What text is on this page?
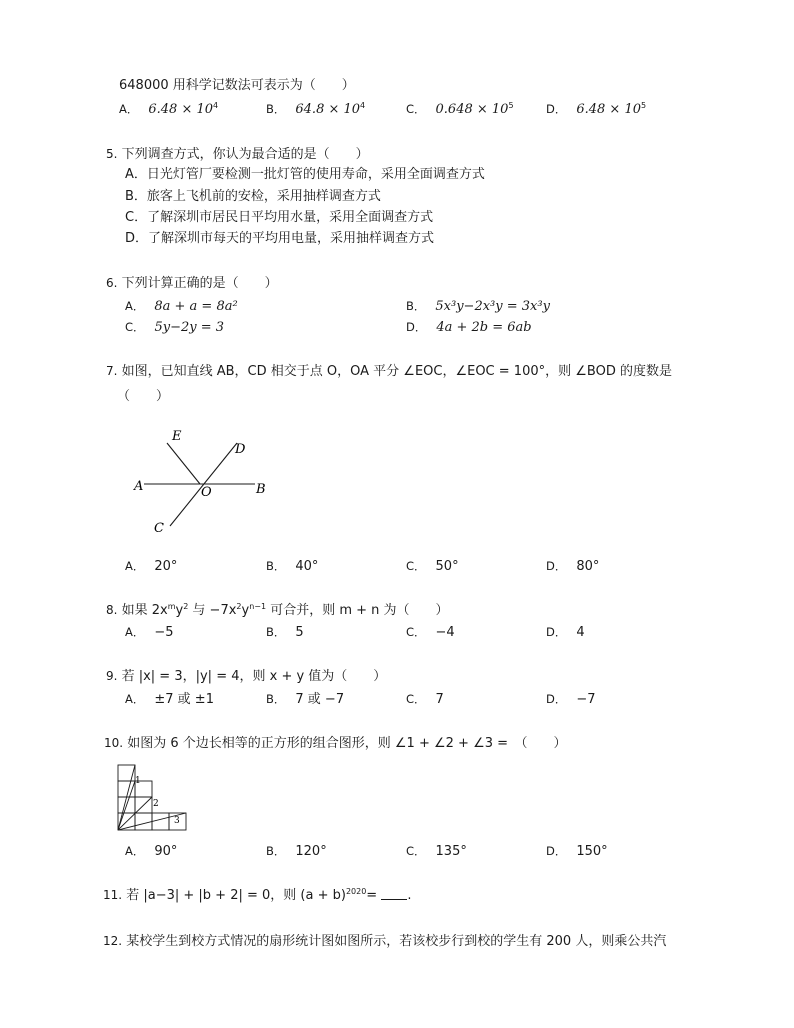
648000 用科学记数法可表示为（　　）
A． $6.48 \times 10^4$	B． $64.8 \times 10^4$	C． $0.648 \times 10^5$	D． $6.48 \times 10^5$
5. 下列调查方式，你认为最合适的是（　　）
A．日光灯管厂要检测一批灯管的使用寿命，采用全面调查方式
B．旅客上飞机前的安检，采用抽样调查方式
C．了解深圳市居民日平均用水量，采用全面调查方式
D．了解深圳市每天的平均用电量，采用抽样调查方式
6. 下列计算正确的是（　　）
A． 8a + a = 8a²	B． 5x³y−2x³y = 3x³y
C． 5y−2y = 3	D． 4a + 2b = 6ab
7. 如图，已知直线 AB，CD 相交于点 O，OA 平分 ∠EOC，∠EOC = 100°，则 ∠BOD 的度数是
（　　）
E
D
A	O	B
C
A． 20°	B． 40°	C． 50°	D． 80°
8. 如果 $2x^my^2$ 与 $-7x^2y^{n-1}$ 可合并，则 m + n 为（　　）
A． −5	B． 5	C． −4	D． 4
9. 若 |x| = 3，|y| = 4，则 x + y 值为（　　）
A． ±7 或 ±1	B． 7 或 −7	C． 7	D． −7
10. 如图为 6 个边长相等的正方形的组合图形，则 ∠1 + ∠2 + ∠3 =　（　　）
1
2
3
A． 90°	B． 120°	C． 135°	D． 150°
11. 若 |a−3| + |b + 2| = 0，则 $(a + b)^{2020}=$ .
12. 某校学生到校方式情况的扇形统计图如图所示，若该校步行到校的学生有 200 人，则乘公共汽
